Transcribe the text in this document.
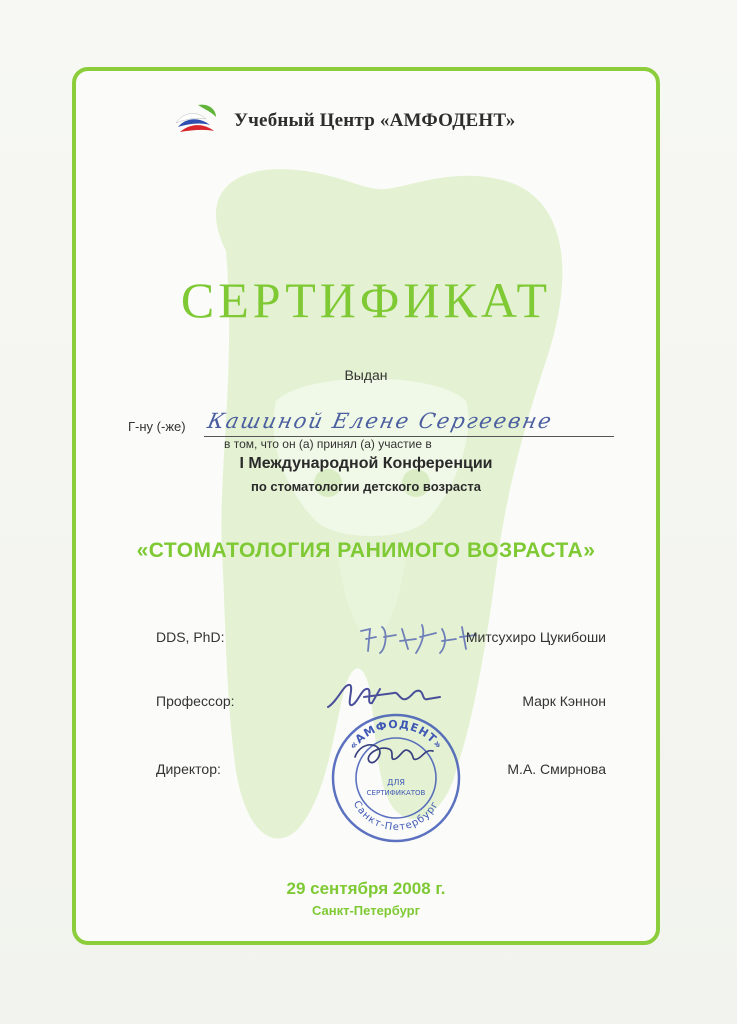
Учебный Центр «АМФОДЕНТ»
СЕРТИФИКАТ
Выдан
Г-ну (-же) Кашиной Елене Сергеевне
в том, что он (а) принял (а) участие в
I Международной Конференции
по стоматологии детского возраста
«СТОМАТОЛОГИЯ РАНИМОГО ВОЗРАСТА»
DDS, PhD:	Митсухиро Цукибоши
Профессор:	Марк Кэннон
Директор:	М.А. Смирнова
«АМФОДЕНТ»
Санкт-Петербург
ДЛЯ
СЕРТИФИКАТОВ
29 сентября 2008 г.
Санкт-Петербург
